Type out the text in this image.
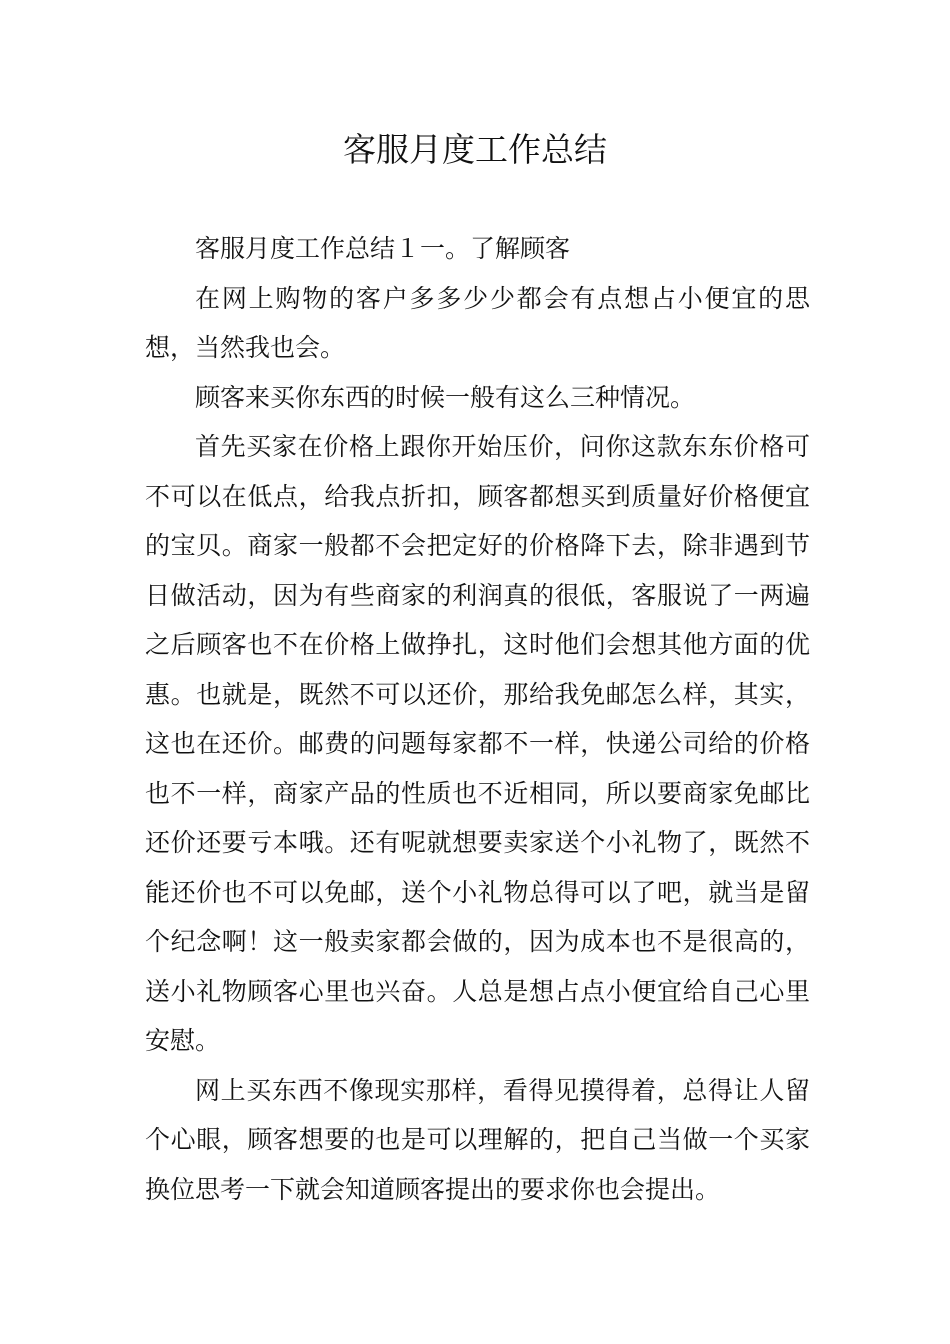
客服月度工作总结

客服月度工作总结１一。了解顾客

在网上购物的客户多多少少都会有点想占小便宜的思想，当然我也会。

顾客来买你东西的时候一般有这么三种情况。

首先买家在价格上跟你开始压价，问你这款东东价格可不可以在低点，给我点折扣，顾客都想买到质量好价格便宜的宝贝。商家一般都不会把定好的价格降下去，除非遇到节日做活动，因为有些商家的利润真的很低，客服说了一两遍之后顾客也不在价格上做挣扎，这时他们会想其他方面的优惠。也就是，既然不可以还价，那给我免邮怎么样，其实，这也在还价。邮费的问题每家都不一样，快递公司给的价格也不一样，商家产品的性质也不近相同，所以要商家免邮比还价还要亏本哦。还有呢就想要卖家送个小礼物了，既然不能还价也不可以免邮，送个小礼物总得可以了吧，就当是留个纪念啊！这一般卖家都会做的，因为成本也不是很高的，送小礼物顾客心里也兴奋。人总是想占点小便宜给自己心里安慰。

网上买东西不像现实那样，看得见摸得着，总得让人留个心眼，顾客想要的也是可以理解的，把自己当做一个买家换位思考一下就会知道顾客提出的要求你也会提出。
